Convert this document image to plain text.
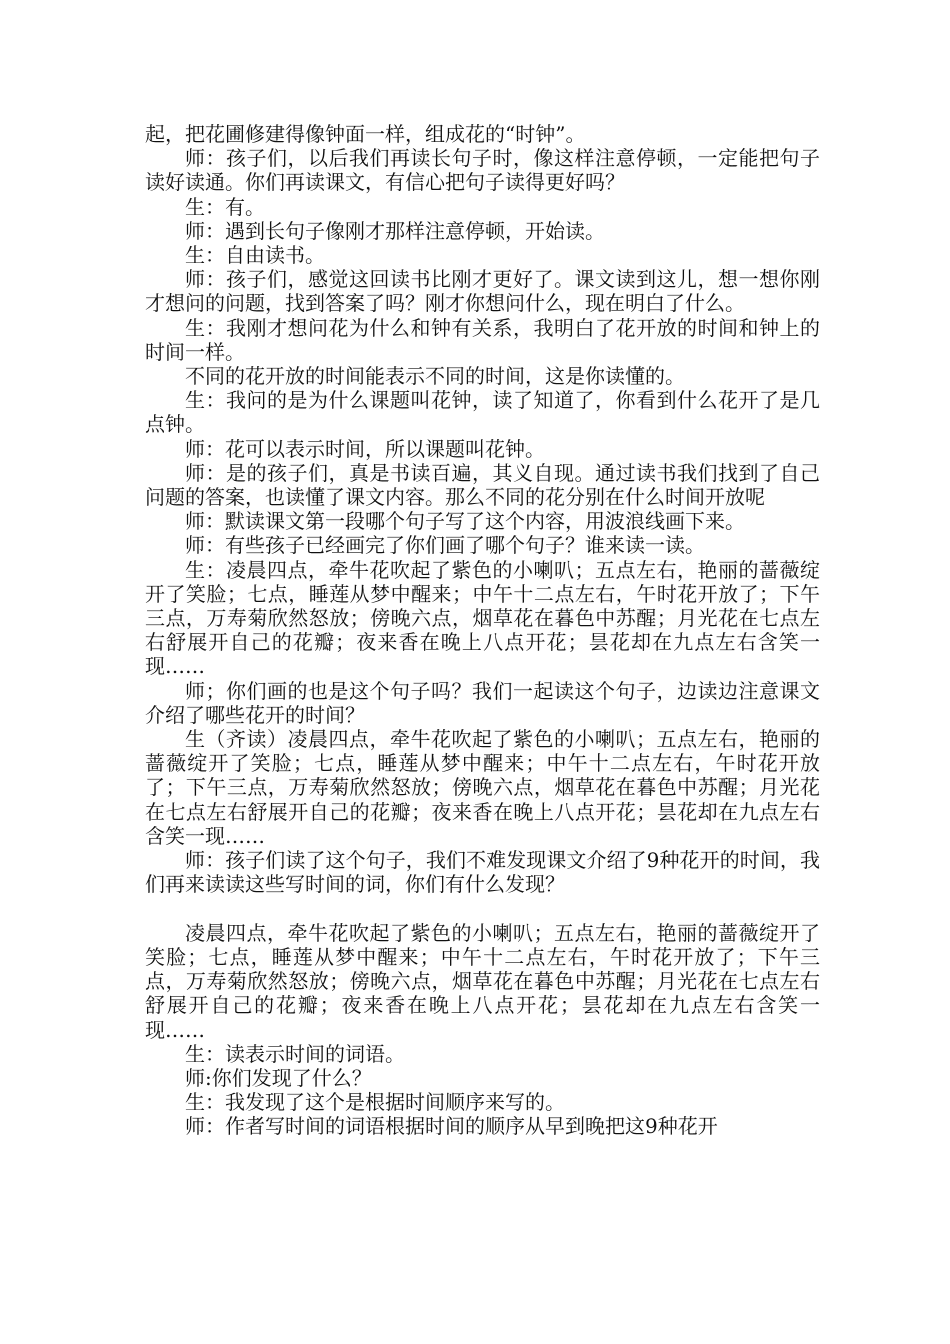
起，把花圃修建得像钟面一样，组成花的“时钟”。

师：孩子们，以后我们再读长句子时，像这样注意停顿，一定能把句子读好读通。你们再读课文，有信心把句子读得更好吗？

生：有。

师：遇到长句子像刚才那样注意停顿，开始读。

生：自由读书。

师：孩子们，感觉这回读书比刚才更好了。课文读到这儿，想一想你刚才想问的问题，找到答案了吗？刚才你想问什么，现在明白了什么。

生：我刚才想问花为什么和钟有关系，我明白了花开放的时间和钟上的时间一样。

不同的花开放的时间能表示不同的时间，这是你读懂的。

生：我问的是为什么课题叫花钟，读了知道了，你看到什么花开了是几点钟。

师：花可以表示时间，所以课题叫花钟。

师：是的孩子们，真是书读百遍，其义自现。通过读书我们找到了自己问题的答案，也读懂了课文内容。那么不同的花分别在什么时间开放呢

师：默读课文第一段哪个句子写了这个内容，用波浪线画下来。

师：有些孩子已经画完了你们画了哪个句子？谁来读一读。

生：凌晨四点，牵牛花吹起了紫色的小喇叭；五点左右，艳丽的蔷薇绽开了笑脸；七点，睡莲从梦中醒来；中午十二点左右，午时花开放了；下午三点，万寿菊欣然怒放；傍晚六点，烟草花在暮色中苏醒；月光花在七点左右舒展开自己的花瓣；夜来香在晚上八点开花；昙花却在九点左右含笑一现……

师；你们画的也是这个句子吗？我们一起读这个句子，边读边注意课文介绍了哪些花开的时间？

生（齐读）凌晨四点，牵牛花吹起了紫色的小喇叭；五点左右，艳丽的蔷薇绽开了笑脸；七点，睡莲从梦中醒来；中午十二点左右，午时花开放了；下午三点，万寿菊欣然怒放；傍晚六点，烟草花在暮色中苏醒；月光花在七点左右舒展开自己的花瓣；夜来香在晚上八点开花；昙花却在九点左右含笑一现……

师：孩子们读了这个句子，我们不难发现课文介绍了9种花开的时间，我们再来读读这些写时间的词，你们有什么发现？

凌晨四点，牵牛花吹起了紫色的小喇叭；五点左右，艳丽的蔷薇绽开了笑脸；七点，睡莲从梦中醒来；中午十二点左右，午时花开放了；下午三点，万寿菊欣然怒放；傍晚六点，烟草花在暮色中苏醒；月光花在七点左右舒展开自己的花瓣；夜来香在晚上八点开花；昙花却在九点左右含笑一现……

生：读表示时间的词语。

师:你们发现了什么？

生：我发现了这个是根据时间顺序来写的。

师：作者写时间的词语根据时间的顺序从早到晚把这9种花开
